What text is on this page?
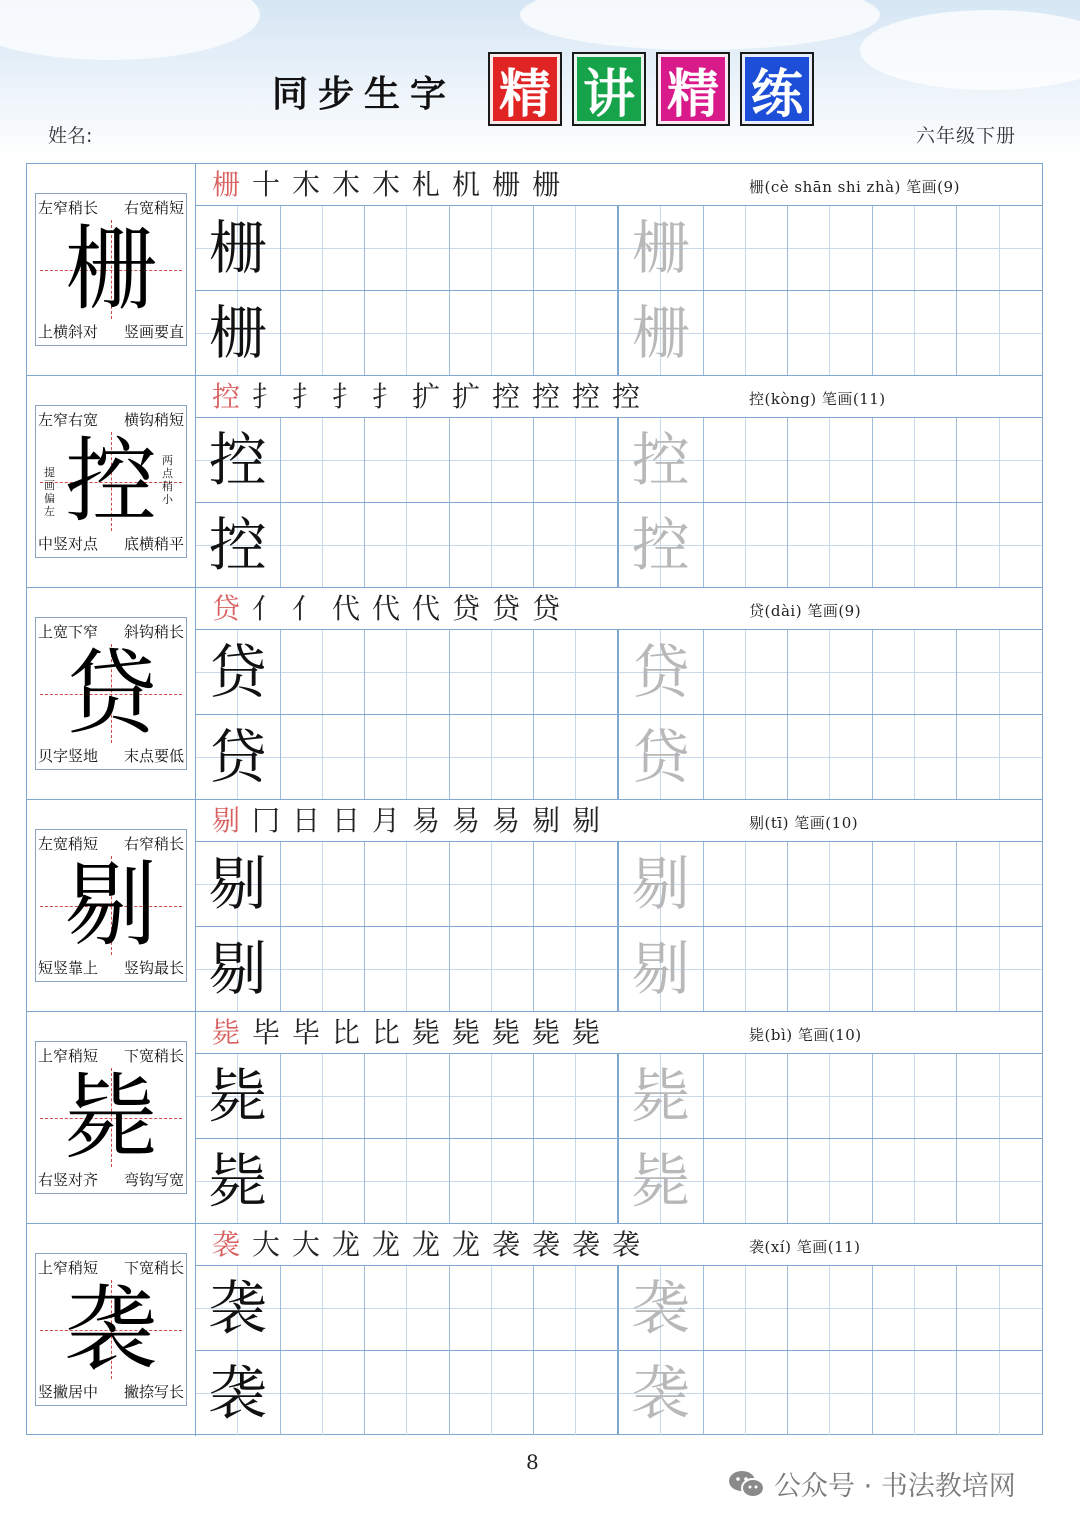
同步生字 精 讲 精 练
姓名:	六年级下册
栅
左窄稍长 右宽稍短
上横斜对 竖画要直
栅 十 木 木 木 札 机 栅 栅	栅(cè shān shi zhà) 笔画(9)
栅	栅
栅	栅
控
左窄右宽 横钩稍短
中竖对点 底横稍平
提画偏左
两点稍小
控 扌 扌 扌 扌 扩 扩 控 控 控 控	控(kòng) 笔画(11)
控	控
控	控
贷
上宽下窄 斜钩稍长
贝字竖地 末点要低
贷 亻 亻 代 代 代 贷 贷 贷	贷(dài) 笔画(9)
贷	贷
贷	贷
剔
左宽稍短 右窄稍长
短竖靠上 竖钩最长
剔 冂 日 日 月 易 易 易 剔 剔	剔(tī) 笔画(10)
剔	剔
剔	剔
毙
上窄稍短 下宽稍长
右竖对齐 弯钩写宽
毙 毕 毕 比 比 毙 毙 毙 毙 毙	毙(bì) 笔画(10)
毙	毙
毙	毙
袭
上窄稍短 下宽稍长
竖撇居中 撇捺写长
袭 大 大 龙 龙 龙 龙 袭 袭 袭 袭	袭(xí) 笔画(11)
袭	袭
袭	袭
8
公众号 · 书法教培网
